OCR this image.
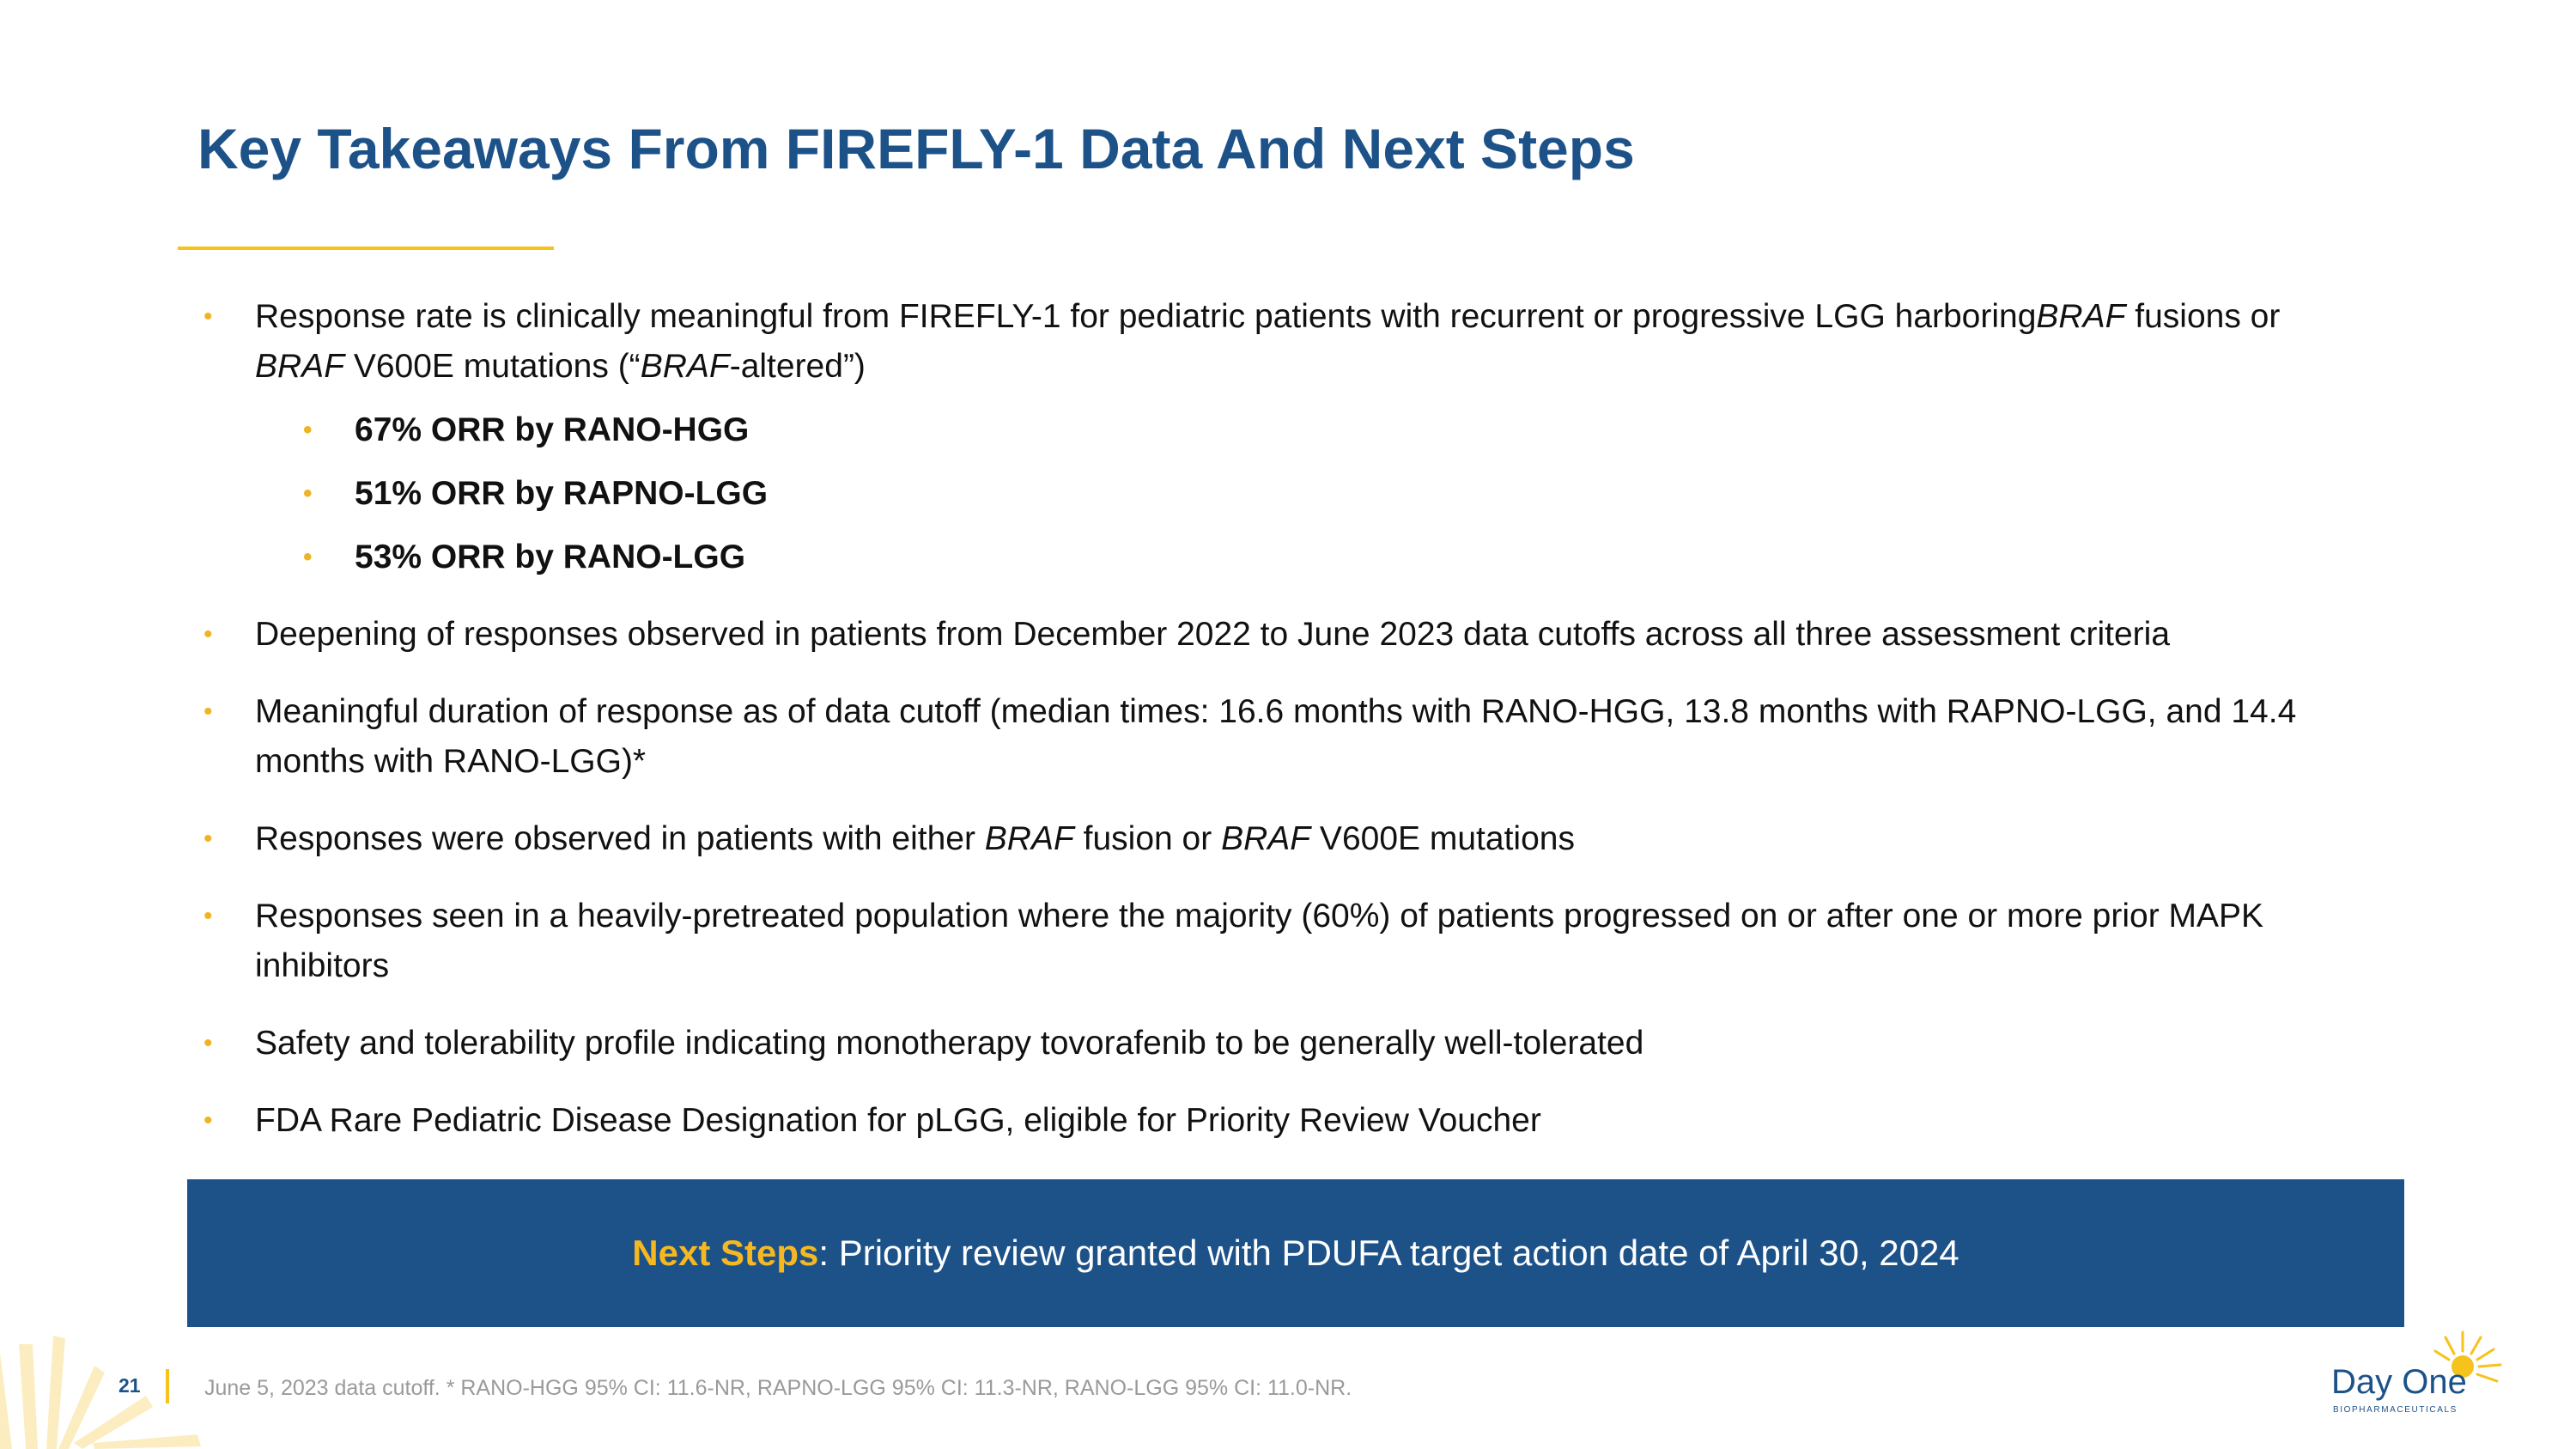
Key Takeaways From FIREFLY-1 Data And Next Steps
• Response rate is clinically meaningful from FIREFLY-1 for pediatric patients with recurrent or progressive LGG harboringBRAF fusions or
BRAF V600E mutations (“BRAF-altered”)
• 67% ORR by RANO-HGG
• 51% ORR by RAPNO-LGG
• 53% ORR by RANO-LGG
• Deepening of responses observed in patients from December 2022 to June 2023 data cutoffs across all three assessment criteria
• Meaningful duration of response as of data cutoff (median times: 16.6 months with RANO-HGG, 13.8 months with RAPNO-LGG, and 14.4 months with RANO-LGG)*
• Responses were observed in patients with either BRAF fusion or BRAF V600E mutations
• Responses seen in a heavily-pretreated population where the majority (60%) of patients progressed on or after one or more prior MAPK inhibitors
• Safety and tolerability profile indicating monotherapy tovorafenib to be generally well-tolerated
• FDA Rare Pediatric Disease Designation for pLGG, eligible for Priority Review Voucher
Next Steps: Priority review granted with PDUFA target action date of April 30, 2024
21	June 5, 2023 data cutoff. * RANO-HGG 95% CI: 11.6-NR, RAPNO-LGG 95% CI: 11.3-NR, RANO-LGG 95% CI: 11.0-NR.	Day One
BIOPHARMACEUTICALS
